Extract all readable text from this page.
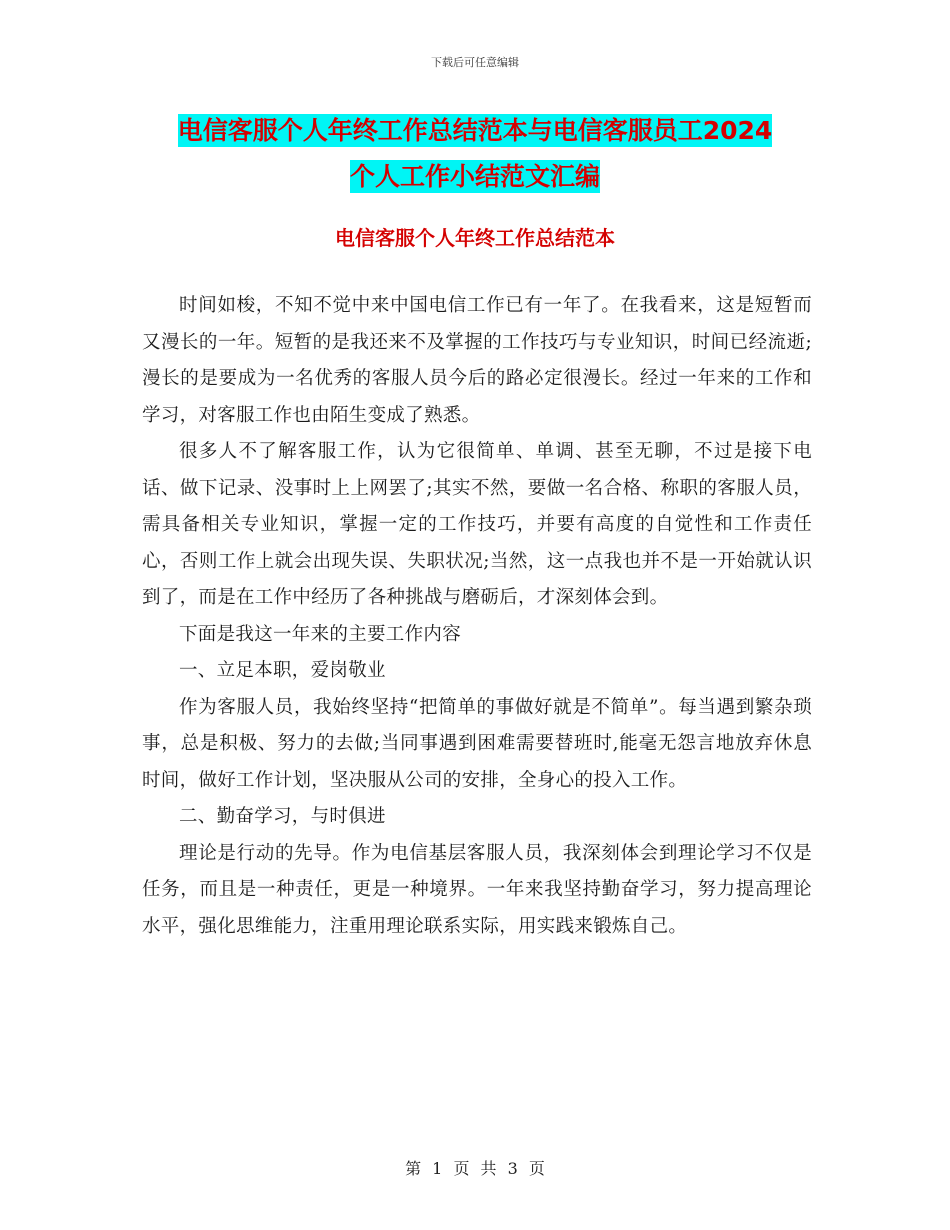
下载后可任意编辑
电信客服个人年终工作总结范本与电信客服员工2024
个人工作小结范文汇编
电信客服个人年终工作总结范本

时间如梭，不知不觉中来中国电信工作已有一年了。在我看来，这是短暂而又漫长的一年。短暂的是我还来不及掌握的工作技巧与专业知识，时间已经流逝;漫长的是要成为一名优秀的客服人员今后的路必定很漫长。经过一年来的工作和学习，对客服工作也由陌生变成了熟悉。

很多人不了解客服工作，认为它很简单、单调、甚至无聊，不过是接下电话、做下记录、没事时上上网罢了;其实不然，要做一名合格、称职的客服人员，需具备相关专业知识，掌握一定的工作技巧，并要有高度的自觉性和工作责任心，否则工作上就会出现失误、失职状况;当然，这一点我也并不是一开始就认识到了，而是在工作中经历了各种挑战与磨砺后，才深刻体会到。

下面是我这一年来的主要工作内容

一、立足本职，爱岗敬业

作为客服人员，我始终坚持“把简单的事做好就是不简单”。每当遇到繁杂琐事，总是积极、努力的去做;当同事遇到困难需要替班时,能毫无怨言地放弃休息时间，做好工作计划，坚决服从公司的安排，全身心的投入工作。

二、勤奋学习，与时俱进

理论是行动的先导。作为电信基层客服人员，我深刻体会到理论学习不仅是任务，而且是一种责任，更是一种境界。一年来我坚持勤奋学习，努力提高理论水平，强化思维能力，注重用理论联系实际，用实践来锻炼自己。

第 1 页 共 3 页
